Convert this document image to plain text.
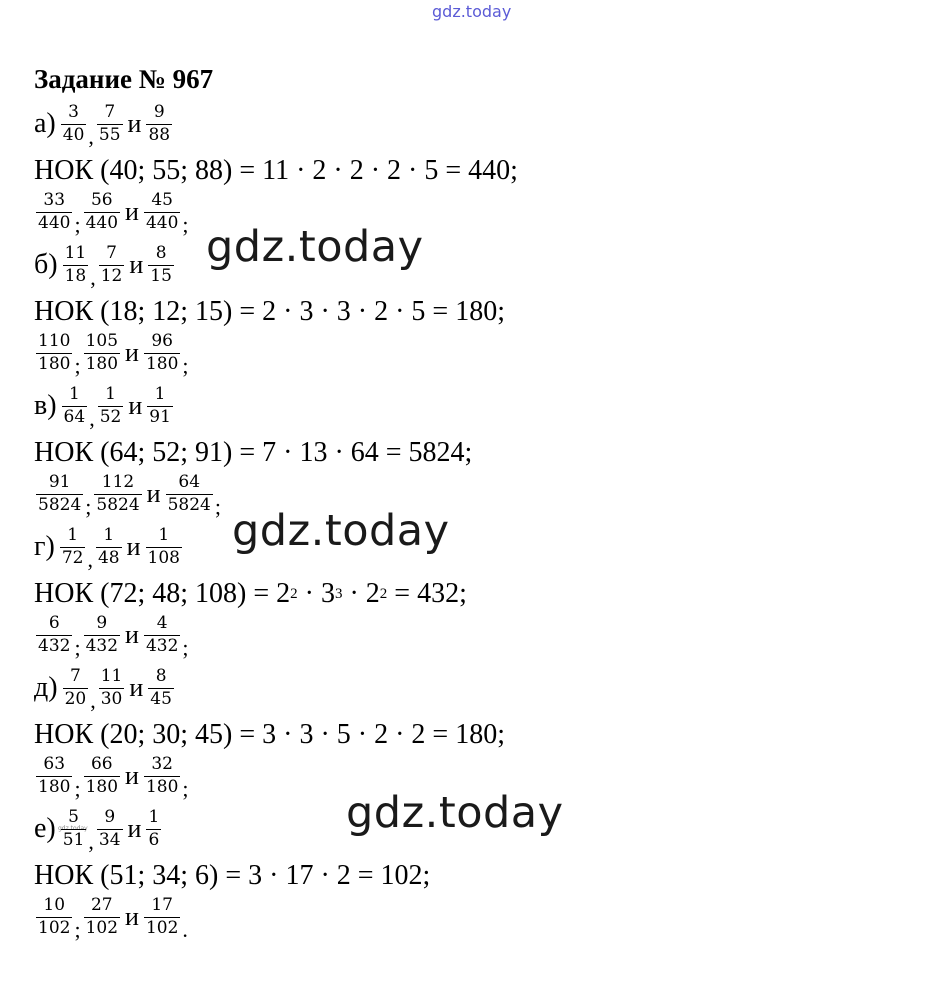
gdz.today
gdz.today
gdz.today
gdz.today
gdz.today
Задание № 967
$а) \frac{3}{40}$ , $\frac{7}{55}$ и $\frac{9}{88}$
НОК (40; 55; 88) = 11 · 2 · 2 · 2 · 5 = 440;
$\frac{33}{440}$ ; $\frac{56}{440}$ и $\frac{45}{440}$ ;
$б) \frac{11}{18}$ , $\frac{7}{12}$ и $\frac{8}{15}$
НОК (18; 12; 15) = 2 · 3 · 3 · 2 · 5 = 180;
$\frac{110}{180}$ ; $\frac{105}{180}$ и $\frac{96}{180}$ ;
$в) \frac{1}{64}$ , $\frac{1}{52}$ и $\frac{1}{91}$
НОК (64; 52; 91) = 7 · 13 · 64 = 5824;
$\frac{91}{5824}$ ; $\frac{112}{5824}$ и $\frac{64}{5824}$ ;
$г) \frac{1}{72}$ , $\frac{1}{48}$ и $\frac{1}{108}$
НОК (72; 48; 108) = 2 2 · 3 3 · 2 2 = 432;
$\frac{6}{432}$ ; $\frac{9}{432}$ и $\frac{4}{432}$ ;
$д) \frac{7}{20}$ , $\frac{11}{30}$ и $\frac{8}{45}$
НОК (20; 30; 45) = 3 · 3 · 5 · 2 · 2 = 180;
$\frac{63}{180}$ ; $\frac{66}{180}$ и $\frac{32}{180}$ ;
$е) \frac{5}{51}$ , $\frac{9}{34}$ и $\frac{1}{6}$
НОК (51; 34; 6) = 3 · 17 · 2 = 102;
$\frac{10}{102}$ ; $\frac{27}{102}$ и $\frac{17}{102}$ .
